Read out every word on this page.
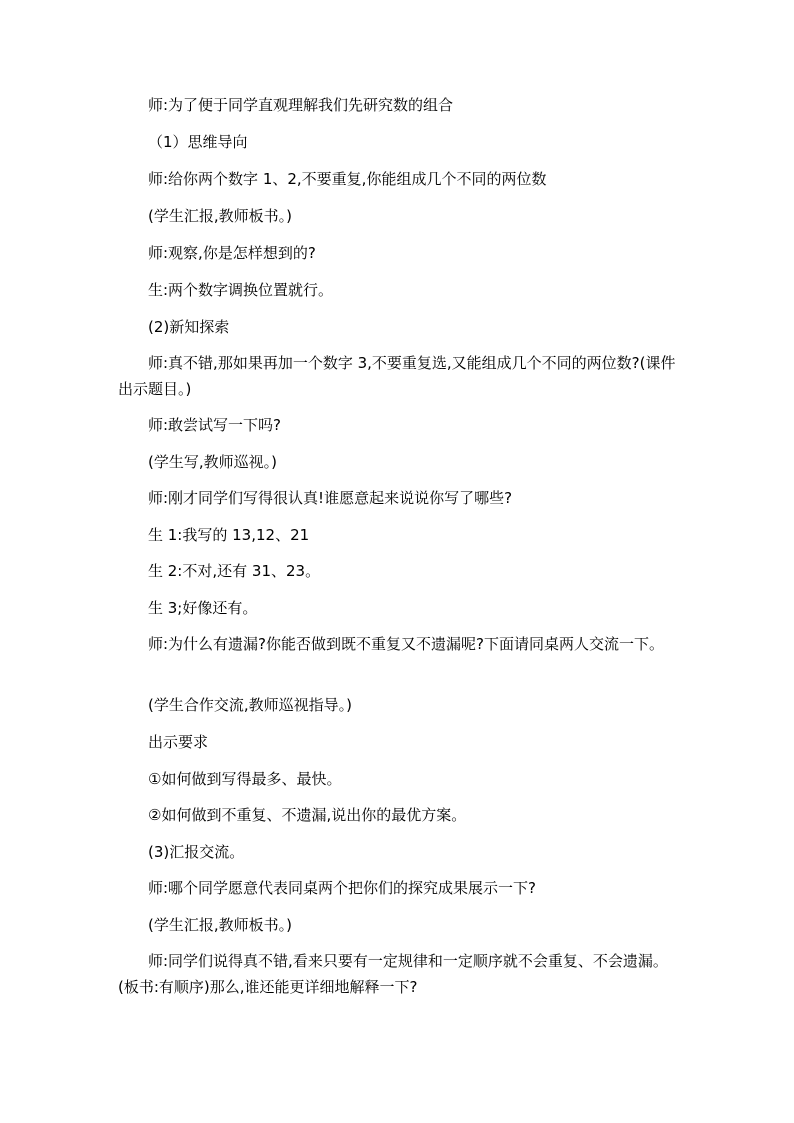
师:为了便于同学直观理解我们先研究数的组合

（1）思维导向

师:给你两个数字 1、2,不要重复,你能组成几个不同的两位数

(学生汇报,教师板书。)

师:观察,你是怎样想到的?

生:两个数字调换位置就行。

(2)新知探索

师:真不错,那如果再加一个数字 3,不要重复选,又能组成几个不同的两位数?(课件出示题目。)

师:敢尝试写一下吗?

(学生写,教师巡视。)

师:刚才同学们写得很认真!谁愿意起来说说你写了哪些?

生 1:我写的 13,12、21

生 2:不对,还有 31、23。

生 3;好像还有。

师:为什么有遗漏?你能否做到既不重复又不遗漏呢?下面请同桌两人交流一下。

(学生合作交流,教师巡视指导。)

出示要求

①如何做到写得最多、最快。

②如何做到不重复、不遗漏,说出你的最优方案。

(3)汇报交流。

师:哪个同学愿意代表同桌两个把你们的探究成果展示一下?

(学生汇报,教师板书。)

师:同学们说得真不错,看来只要有一定规律和一定顺序就不会重复、不会遗漏。(板书:有顺序)那么,谁还能更详细地解释一下?
